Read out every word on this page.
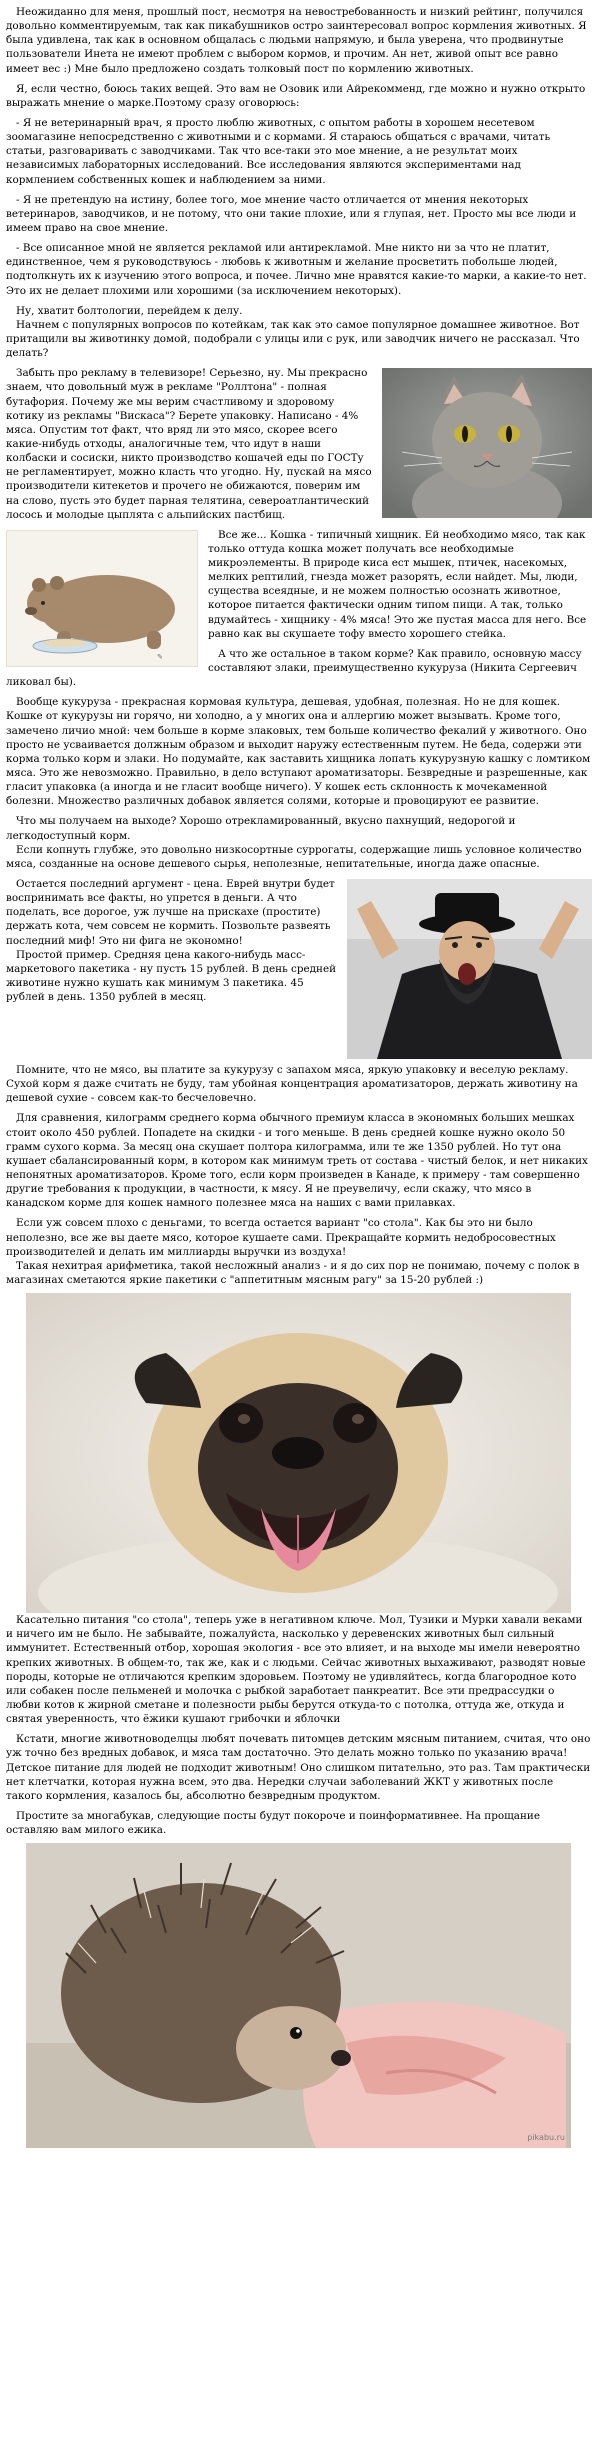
Неожиданно для меня, прошлый пост, несмотря на невостребованность и низкий рейтинг, получился довольно комментируемым, так как пикабушников остро заинтересовал вопрос кормления животных. Я была удивлена, так как в основном общалась с людьми напрямую, и была уверена, что продвинутые пользователи Инета не имеют проблем с выбором кормов, и прочим. Ан нет, живой опыт все равно имеет вес :) Мне было предложено создать толковый пост по кормлению животных.

Я, если честно, боюсь таких вещей. Это вам не Озовик или Айрекомменд, где можно и нужно открыто выражать мнение о марке.Поэтому сразу оговорюсь:

- Я не ветеринарный врач, я просто люблю животных, с опытом работы в хорошем несетевом зоомагазине непосредственно с животными и с кормами. Я стараюсь общаться с врачами, читать статьи, разговаривать с заводчиками. Так что все-таки это мое мнение, а не результат моих независимых лабораторных исследований. Все исследования являются экспериментами над кормлением собственных кошек и наблюдением за ними.

- Я не претендую на истину, более того, мое мнение часто отличается от мнения некоторых ветеринаров, заводчиков, и не потому, что они такие плохие, или я глупая, нет. Просто мы все люди и имеем право на свое мнение.

- Все описанное мной не является рекламой или антирекламой. Мне никто ни за что не платит, единственное, чем я руководствуюсь - любовь к животным и желание просветить побольше людей, подтолкнуть их к изучению этого вопроса, и почее. Лично мне нравятся какие-то марки, а какие-то нет. Это их не делает плохими или хорошими (за исключением некоторых).

Ну, хватит болтологии, перейдем к делу.

Начнем с популярных вопросов по котейкам, так как это самое популярное домашнее животное. Вот притащили вы животинку домой, подобрали с улицы или с рук, или заводчик ничего не рассказал. Что делать?

Забыть про рекламу в телевизоре! Серьезно, ну. Мы прекрасно знаем, что довольный муж в рекламе "Роллтона" - полная бутафория. Почему же мы верим счастливому и здоровому котику из рекламы "Вискаса"? Берете упаковку. Написано - 4% мяса. Опустим тот факт, что вряд ли это мясо, скорее всего какие-нибудь отходы, аналогичные тем, что идут в наши колбаски и сосиски, никто производство кошачей еды по ГОСТу не регламентирует, можно класть что угодно. Ну, пускай на мясо производители китекетов и прочего не обижаются, поверим им на слово, пусть это будет парная телятина, североатлантический лосось и молодые цыплята с альпийских пастбищ.

✎

Все же... Кошка - типичный хищник. Ей необходимо мясо, так как только оттуда кошка может получать все необходимые микроэлементы. В природе киса ест мышек, птичек, насекомых, мелких рептилий, гнезда может разорять, если найдет. Мы, люди, существа всеядные, и не можем полностью осознать животное, которое питается фактически одним типом пищи. А так, только вдумайтесь - хищнику - 4% мяса! Это же пустая масса для него. Все равно как вы скушаете тофу вместо хорошего стейка.

А что же остальное в таком корме? Как правило, основную массу составляют злаки, преимущественно кукуруза (Никита Сергеевич ликовал бы).

Вообще кукуруза - прекрасная кормовая культура, дешевая, удобная, полезная. Но не для кошек. Кошке от кукурузы ни горячо, ни холодно, а у многих она и аллергию может вызывать. Кроме того, замечено личио мной: чем больше в корме злаковых, тем больше количество фекалий у животного. Оно просто не усваивается должным образом и выходит наружу естественным путем. Не беда, содержи эти корма только корм и злаки. Но подумайте, как заставить хищника лопать кукурузную кашку с ломтиком мяса. Это же невозможно. Правильно, в дело вступают ароматизаторы. Безвредные и разрешенные, как гласит упаковка (а иногда и не гласит вообще ничего). У кошек есть склонность к мочекаменной болезни. Множество различных добавок является солями, которые и провоцируют ее развитие.

Что мы получаем на выходе? Хорошо отрекламированный, вкусно пахнущий, недорогой и легкодоступный корм.

Если копнуть глубже, это довольно низкосортные суррогаты, содержащие лишь условное количество мяса, созданные на основе дешевого сырья, неполезные, непитательные, иногда даже опасные.

Остается последний аргумент - цена. Еврей внутри будет воспринимать все факты, но упрется в деньги. А что поделать, все дорогое, уж лучше на прискахе (простите) держать кота, чем совсем не кормить. Позвольте развеять последний миф! Это ни фига не экономно!

Простой пример. Средняя цена какого-нибудь масс-маркетового пакетика - ну пусть 15 рублей. В день средней животине нужно кушать как минимум 3 пакетика. 45 рублей в день. 1350 рублей в месяц.

Помните, что не мясо, вы платите за кукурузу с запахом мяса, яркую упаковку и веселую рекламу. Сухой корм я даже считать не буду, там убойная концентрация ароматизаторов, держать животину на дешевой сухие - совсем как-то бесчеловечно.

Для сравнения, килограмм среднего корма обычного премиум класса в экономных больших мешках стоит около 450 рублей. Попадете на скидки - и того меньше. В день средней кошке нужно около 50 грамм сухого корма. За месяц она скушает полтора килограмма, или те же 1350 рублей. Но тут она кушает сбалансированный корм, в котором как минимум треть от состава - чистый белок, и нет никаких непонятных ароматизаторов. Кроме того, если корм произведен в Канаде, к примеру - там совершенно другие требования к продукции, в частности, к мясу. Я не преувеличу, если скажу, что мясо в канадском корме для кошек намного полезнее мяса на наших с вами прилавках.

Если уж совсем плохо с деньгами, то всегда остается вариант "со стола". Как бы это ни было неполезно, все же вы даете мясо, которое кушаете сами. Прекращайте кормить недобросовестных производителей и делать им миллиарды выручки из воздуха!

Такая нехитрая арифметика, такой несложный анализ - и я до сих пор не понимаю, почему с полок в магазинах сметаются яркие пакетики с "аппетитным мясным рагу" за 15-20 рублей :)

Касательно питания "со стола", теперь уже в негативном ключе. Мол, Тузики и Мурки хавали веками и ничего им не было. Не забывайте, пожалуйста, насколько у деревенских животных был сильный иммунитет. Естественный отбор, хорошая экология - все это влияет, и на выходе мы имели невероятно крепких животных. В общем-то, так же, как и с людьми. Сейчас животных выхаживают, разводят новые породы, которые не отличаются крепким здоровьем. Поэтому не удивляйтесь, когда благородное кото или собакен после пельменей и молочка с рыбкой заработает панкреатит. Все эти предрассудки о любви котов к жирной сметане и полезности рыбы берутся откуда-то с потолка, оттуда же, откуда и святая уверенность, что ёжики кушают грибочки и яблочки

Кстати, многие животноводелцы любят почевать питомцев детским мясным питанием, считая, что оно уж точно без вредных добавок, и мяса там достаточно. Это делать можно только по указанию врача! Детское питание для людей не подходит животным! Оно слишком питательно, это раз. Там практически нет клетчатки, которая нужна всем, это два. Нередки случаи заболеваний ЖКТ у животных после такого кормления, казалось бы, абсолютно безвредным продуктом.

Простите за многабукав, следующие посты будут покороче и поинформативнее. На прощание оставляю вам милого ежика.

pikabu.ru
